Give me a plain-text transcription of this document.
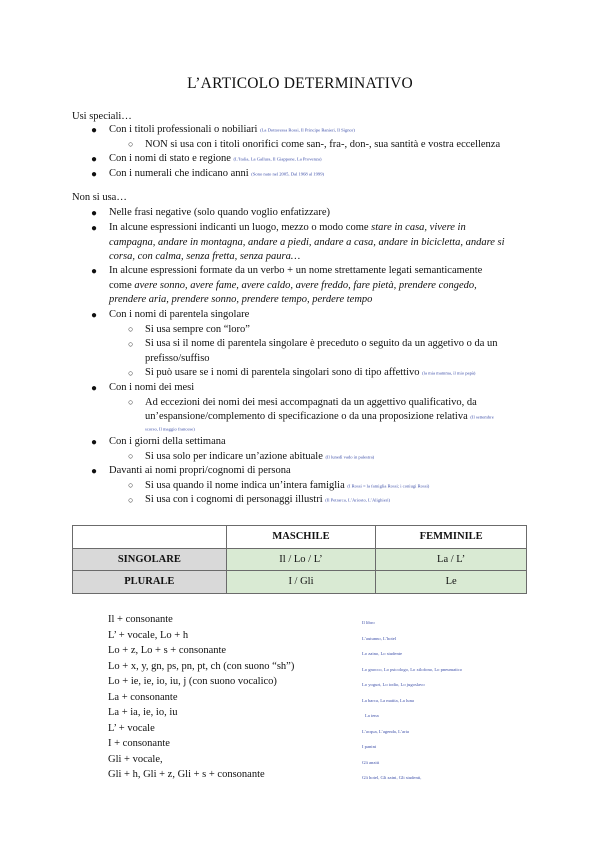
L’ARTICOLO DETERMINATIVO
Usi speciali…
● Con i titoli professionali o nobiliari (La Dottoressa Rossi, Il Principe Ranieri, Il Signor)
○ NON si usa con i titoli onorifici come san-, fra-, don-, sua santità e vostra eccellenza
● Con i nomi di stato e regione (L’Italia, La Gallura, Il Giappone, La Provenza)
● Con i numerali che indicano anni (Sono nato nel 2005, Dal 1968 al 1999)
Non si usa…
● Nelle frasi negative (solo quando voglio enfatizzare)
● In alcune espressioni indicanti un luogo, mezzo o modo come stare in casa, vivere in
campagna, andare in montagna, andare a piedi, andare a casa, andare in bicicletta, andare si
corsa, con calma, senza fretta, senza paura…
● In alcune espressioni formate da un verbo + un nome strettamente legati semanticamente
come avere sonno, avere fame, avere caldo, avere freddo, fare pietà, prendere congedo,
prendere aria, prendere sonno, prendere tempo, perdere tempo
● Con i nomi di parentela singolare
○ Si usa sempre con “loro”
○ Si usa si il nome di parentela singolare è preceduto o seguito da un aggetivo o da un
prefisso/suffiso
○ Si può usare se i nomi di parentela singolari sono di tipo affettivo (la mia mamma, il mio papà)
● Con i nomi dei mesi
○ Ad eccezioni dei nomi dei mesi accompagnati da un aggettivo qualificativo, da
un’espansione/complemento di specificazione o da una proposizione relativa (Il settembre
scorso, Il maggio francese)
● Con i giorni della settimana
○ Si usa solo per indicare un’azione abituale (Il lunedì vado in palestra)
● Davanti ai nomi propri/cognomi di persona
○ Si usa quando il nome indica un’intera famiglia (I Rossi = la famiglia Rossi; i coniugi Rossi)
○ Si usa con i cognomi di personaggi illustri (Il Petrarca, L’Ariosto, L’Alighieri)
	MASCHILE	FEMMINILE
SINGOLARE	Il / Lo / L’	La / L’
PLURALE	I / Gli	Le
Il + consonante	Il libro
L’ + vocale, Lo + h	L’autunno, L’hotel
Lo + z, Lo + s + consonante	Lo zaino, Lo studente
Lo + x, y, gn, ps, pn, pt, ch (con suono “sh”)	Lo gnocco, Lo psicologo, Lo xilofono, Lo pneumatico
Lo + ie, ie, io, iu, j (con suono vocalico)	Lo yogurt, Lo iodio, Lo jugoslavo
La + consonante	La barca, La matita, La luna
La + ia, ie, io, iu	La iena
L’ + vocale	L’acqua, L’agenda, L’aria
I + consonante	I panini
Gli + vocale,	Gli anziti
Gli + h, Gli + z, Gli + s + consonante	Gli hotel, Gli zaini, Gli studenti,
